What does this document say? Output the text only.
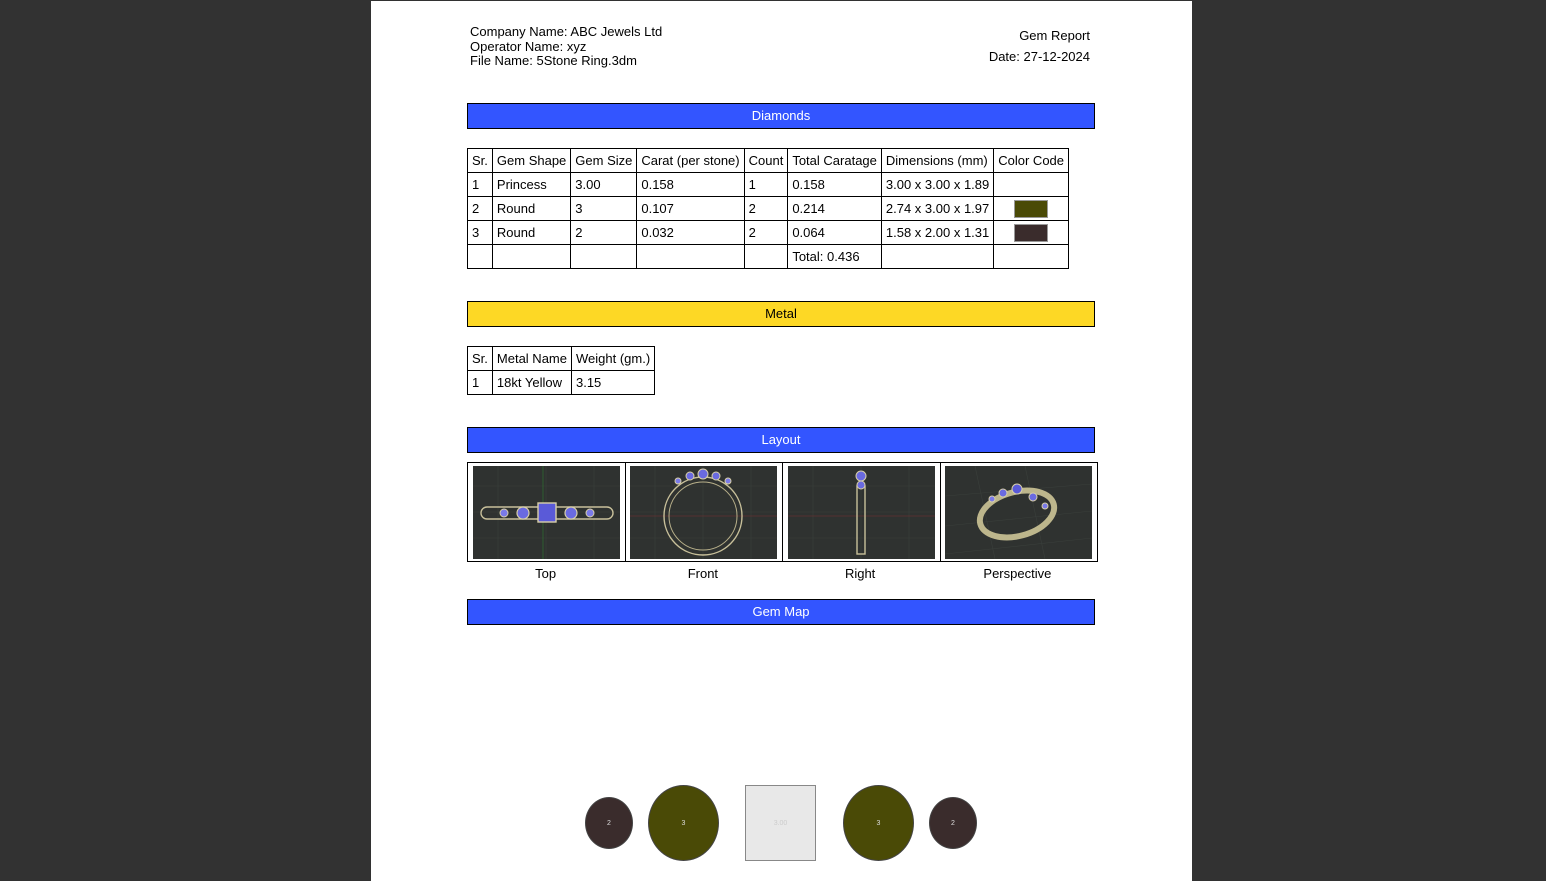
Company Name: ABC Jewels Ltd
Operator Name: xyz
File Name: 5Stone Ring.3dm
Gem Report
Date: 27-12-2024
Diamonds
Sr.	Gem Shape	Gem Size	Carat (per stone)	Count	Total Caratage	Dimensions (mm)	Color Code
1	Princess	3.00	0.158	1	0.158	3.00 x 3.00 x 1.89	
2	Round	3	0.107	2	0.214	2.74 x 3.00 x 1.97	

3	Round	2	0.032	2	0.064	1.58 x 2.00 x 1.31	

					Total: 0.436		
Metal
Sr.	Metal Name	Weight (gm.)
1	18kt Yellow	3.15
Layout
Top	Front	Right	Perspective
Gem Map
2	3	3.00	3	2
